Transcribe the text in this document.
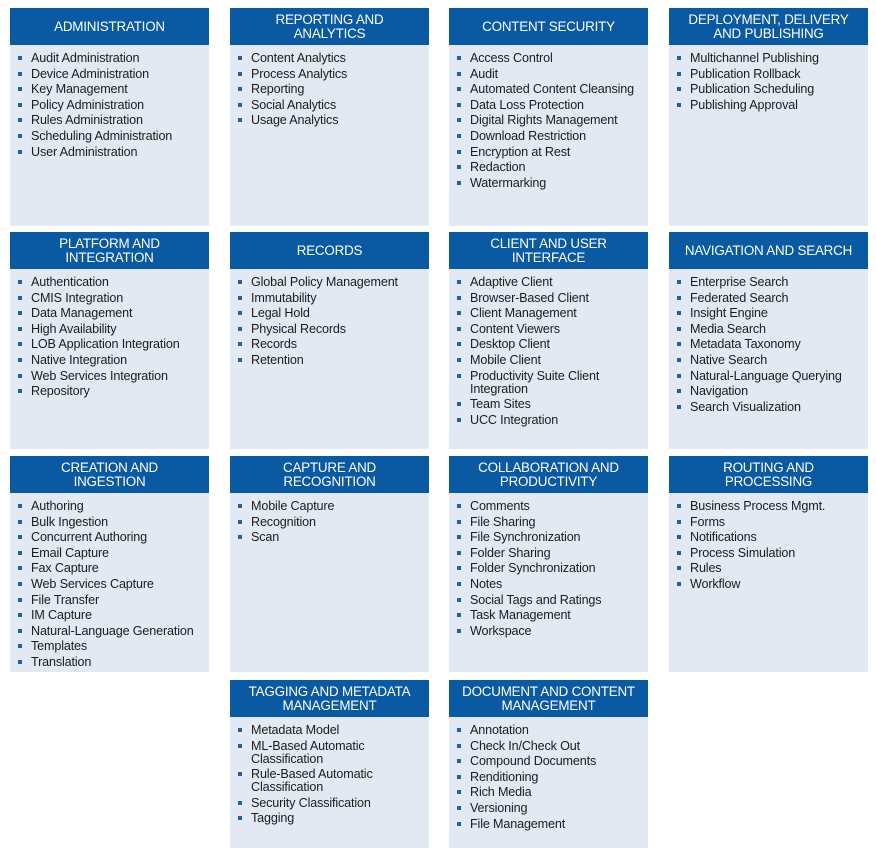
ADMINISTRATION
Audit Administration
Device Administration
Key Management
Policy Administration
Rules Administration
Scheduling Administration
User Administration
REPORTING AND
ANALYTICS
Content Analytics
Process Analytics
Reporting
Social Analytics
Usage Analytics
CONTENT SECURITY
Access Control
Audit
Automated Content Cleansing
Data Loss Protection
Digital Rights Management
Download Restriction
Encryption at Rest
Redaction
Watermarking
DEPLOYMENT, DELIVERY
AND PUBLISHING
Multichannel Publishing
Publication Rollback
Publication Scheduling
Publishing Approval
PLATFORM AND
INTEGRATION
Authentication
CMIS Integration
Data Management
High Availability
LOB Application Integration
Native Integration
Web Services Integration
Repository
RECORDS
Global Policy Management
Immutability
Legal Hold
Physical Records
Records
Retention
CLIENT AND USER
INTERFACE
Adaptive Client
Browser-Based Client
Client Management
Content Viewers
Desktop Client
Mobile Client
Productivity Suite Client Integration
Team Sites
UCC Integration
NAVIGATION AND SEARCH
Enterprise Search
Federated Search
Insight Engine
Media Search
Metadata Taxonomy
Native Search
Natural-Language Querying
Navigation
Search Visualization
CREATION AND
INGESTION
Authoring
Bulk Ingestion
Concurrent Authoring
Email Capture
Fax Capture
Web Services Capture
File Transfer
IM Capture
Natural-Language Generation
Templates
Translation
CAPTURE AND
RECOGNITION
Mobile Capture
Recognition
Scan
COLLABORATION AND
PRODUCTIVITY
Comments
File Sharing
File Synchronization
Folder Sharing
Folder Synchronization
Notes
Social Tags and Ratings
Task Management
Workspace
ROUTING AND
PROCESSING
Business Process Mgmt.
Forms
Notifications
Process Simulation
Rules
Workflow
TAGGING AND METADATA
MANAGEMENT
Metadata Model
ML-Based Automatic Classification
Rule-Based Automatic Classification
Security Classification
Tagging
DOCUMENT AND CONTENT
MANAGEMENT
Annotation
Check In/Check Out
Compound Documents
Renditioning
Rich Media
Versioning
File Management
